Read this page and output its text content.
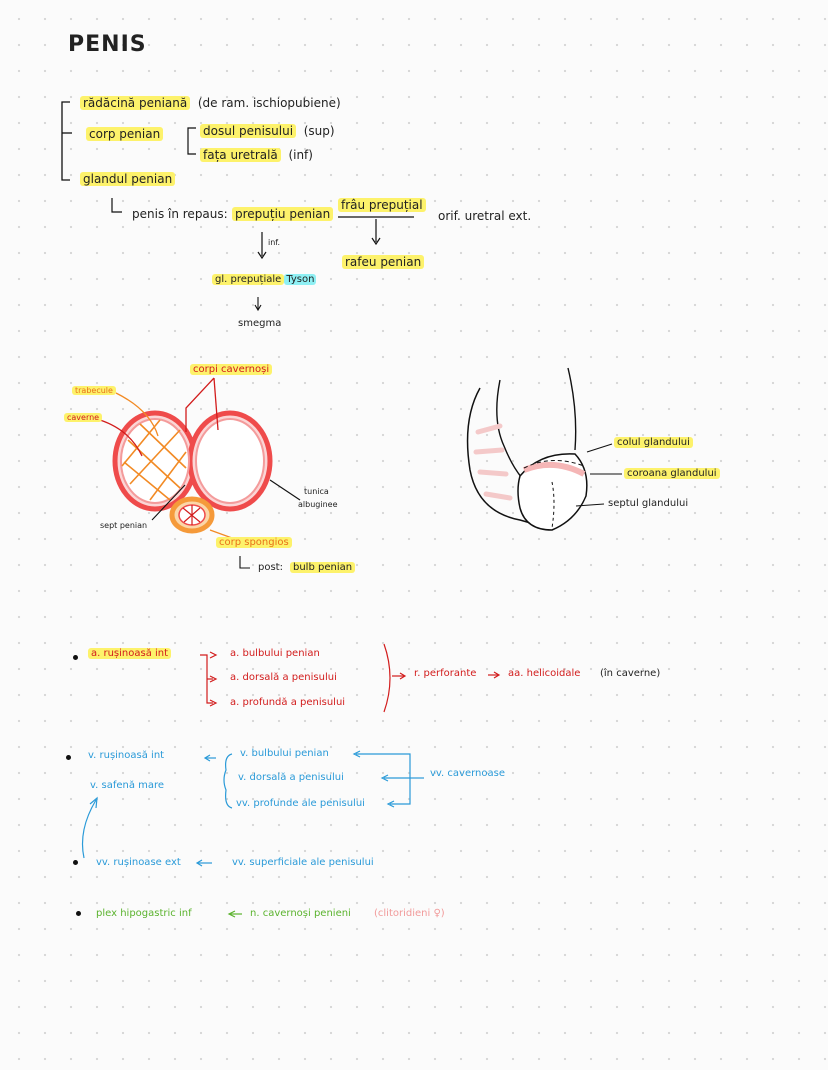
PENIS
rădăcină peniană (de ram. ischiopubiene)
corp penian	dosul penisului (sup)
fața uretrală (inf)
glandul penian
penis în repaus: prepuțiu penian
frâu prepuțial
orif. uretral ext.
inf.
rafeu penian
gl. prepuțiale Tyson
smegma
corpi cavernoși
trabecule
caverne
tunica
albuginee
sept penian
corp spongios
post:	bulb penian
colul glandului
coroana glandului
septul glandului
a. rușinoasă int	a. bulbului penian
a. dorsală a penisului
a. profundă a penisului
r. perforante	aa. helicoidale (în caverne)
v. rușinoasă int
v. safenă mare
v. bulbului penian
v. dorsală a penisului
vv. profunde ale penisului
vv. cavernoase
vv. rușinoase ext	vv. superficiale ale penisului
plex hipogastric inf	n. cavernoși penieni (clitoridieni ♀)
